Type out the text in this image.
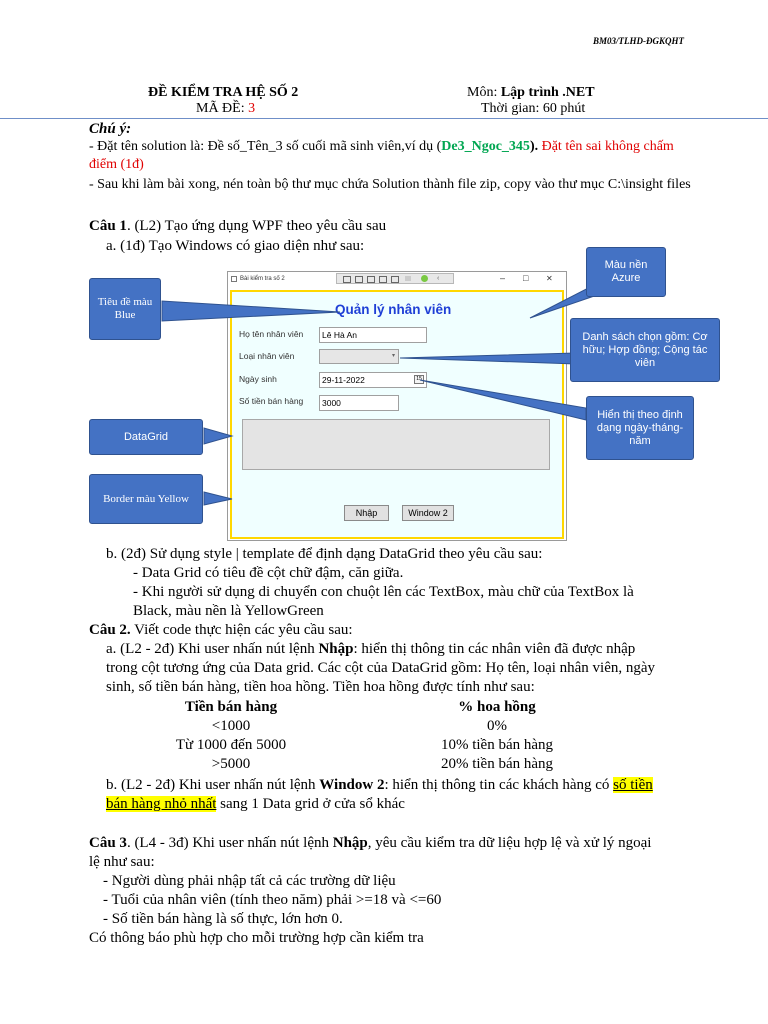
BM03/TLHD-ĐGKQHT
ĐỀ KIỂM TRA HỆ SỐ 2
MÃ ĐỀ: 3
Môn: Lập trình .NET
Thời gian: 60 phút
Chú ý:
- Đặt tên solution là: Đề số_Tên_3 số cuối mã sinh viên,ví dụ (De3_Ngoc_345). Đặt tên sai không chấm
điểm (1đ)
- Sau khi làm bài xong, nén toàn bộ thư mục chứa Solution thành file zip, copy vào thư mục C:\insight files
Câu 1. (L2) Tạo ứng dụng WPF theo yêu cầu sau
a. (1đ) Tạo Windows có giao diện như sau:
Bài kiểm tra số 2	‹	– □ ✕
Quản lý nhân viên
Họ tên nhân viên	Lê Hà An
Loại nhân viên	▾
Ngày sinh	29-11-2022	15
Số tiền bán hàng	3000
Nhập	Window 2
Tiêu đề màu Blue
Màu nền Azure
Danh sách chọn gồm: Cơ hữu; Hợp đồng; Cộng tác viên
Hiển thị theo định dạng ngày-tháng-năm
DataGrid
Border màu Yellow
b. (2đ) Sử dụng style | template để định dạng DataGrid theo yêu cầu sau:
- Data Grid có tiêu đề cột chữ đậm, căn giữa.
- Khi người sử dụng di chuyển con chuột lên các TextBox, màu chữ của TextBox là
Black, màu nền là YellowGreen
Câu 2. Viết code thực hiện các yêu cầu sau:
a. (L2 - 2đ) Khi user nhấn nút lệnh Nhập: hiển thị thông tin các nhân viên đã được nhập
trong cột tương ứng của Data grid. Các cột của DataGrid gồm: Họ tên, loại nhân viên, ngày
sinh, số tiền bán hàng, tiền hoa hồng. Tiền hoa hồng được tính như sau:
Tiền bán hàng	% hoa hồng
<1000	0%
Từ 1000 đến 5000	10% tiền bán hàng
>5000	20% tiền bán hàng
b. (L2 - 2đ) Khi user nhấn nút lệnh Window 2: hiển thị thông tin các khách hàng có số tiền
bán hàng nhỏ nhất sang 1 Data grid ở cửa sổ khác
Câu 3. (L4 - 3đ) Khi user nhấn nút lệnh Nhập, yêu cầu kiểm tra dữ liệu hợp lệ và xử lý ngoại
lệ như sau:
- Người dùng phải nhập tất cả các trường dữ liệu
- Tuổi của nhân viên (tính theo năm) phải >=18 và <=60
- Số tiền bán hàng là số thực, lớn hơn 0.
Có thông báo phù hợp cho mỗi trường hợp cần kiểm tra
